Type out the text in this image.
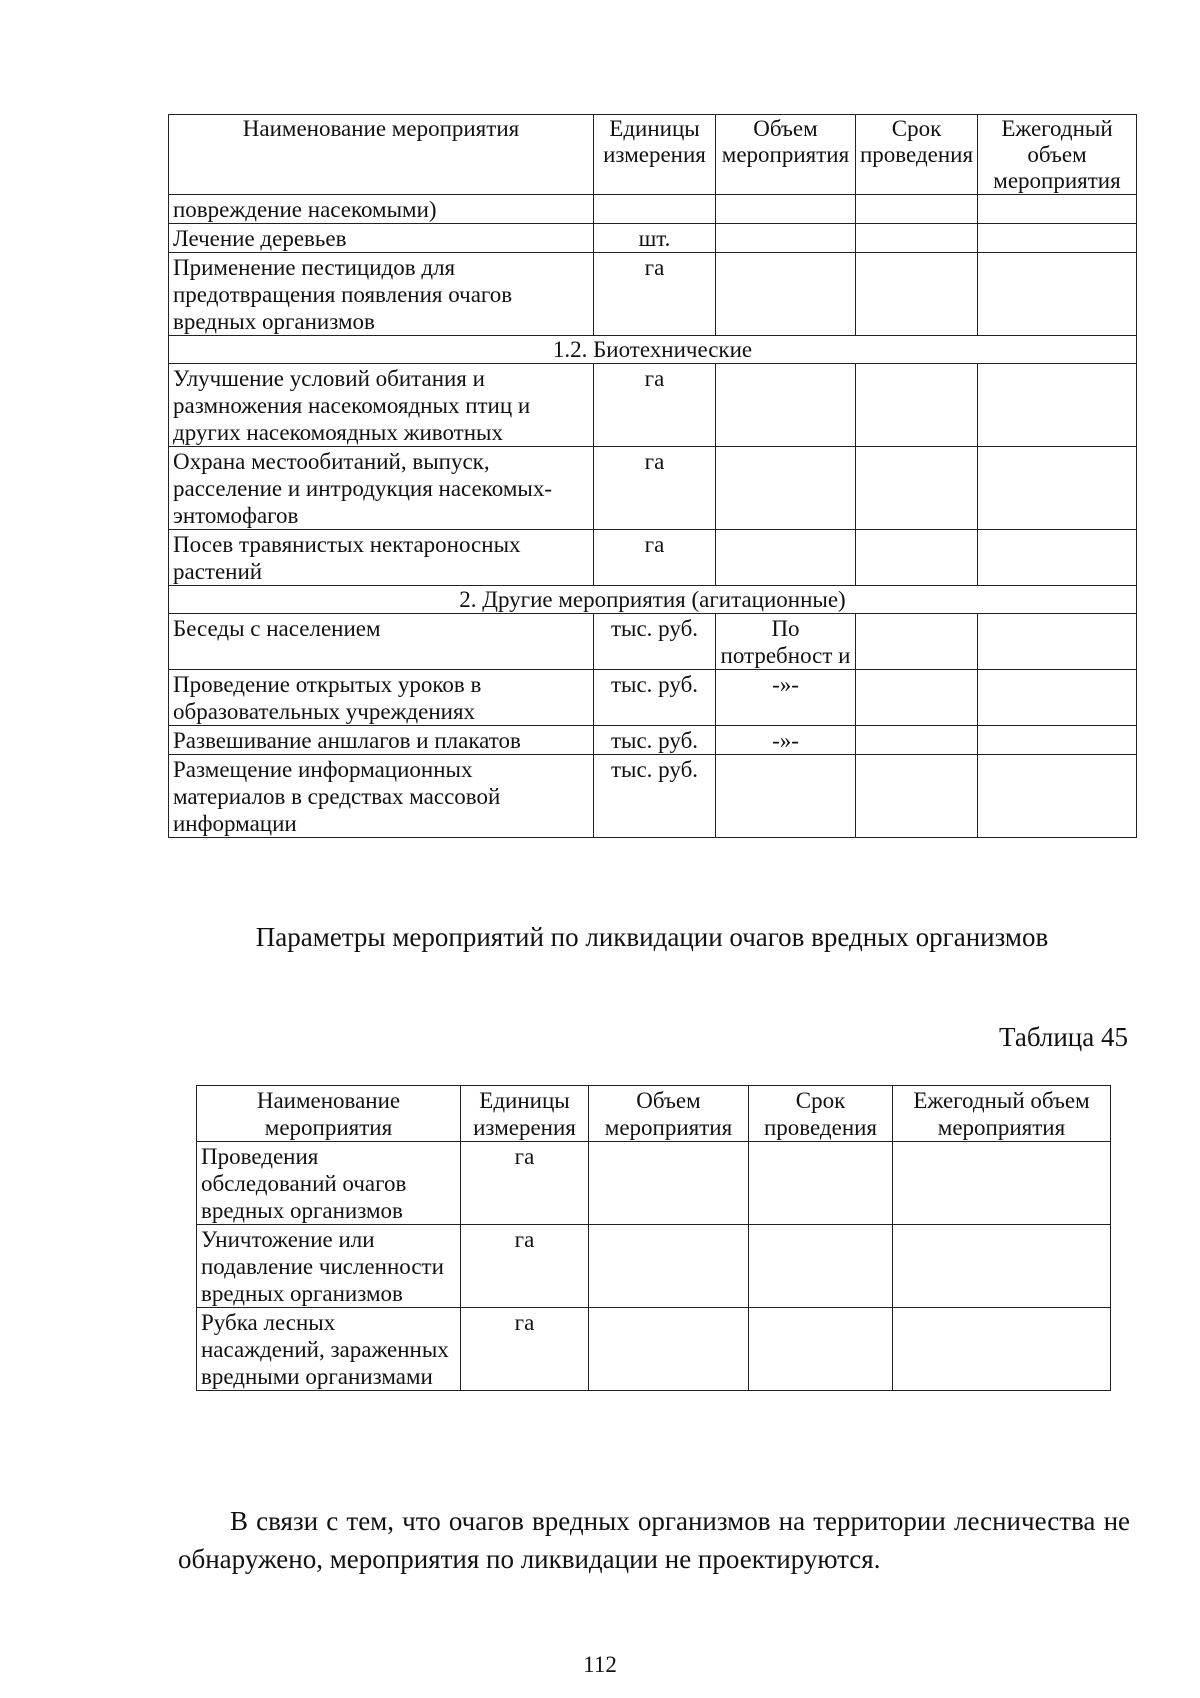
Наименование мероприятия	Единицы измерения	Объем мероприятия	Срок проведения	Ежегодный объем мероприятия
повреждение насекомыми)				
Лечение деревьев	шт.			
Применение пестицидов для предотвращения появления очагов вредных организмов	га			
1.2. Биотехнические				
Улучшение условий обитания и размножения насекомоядных птиц и других насекомоядных животных	га			
Охрана местообитаний, выпуск, расселение и интродукция насекомых-энтомофагов	га			
Посев травянистых нектароносных растений	га			
2. Другие мероприятия (агитационные)				
Беседы с населением	тыс. руб.	По потребност и		
Проведение открытых уроков в образовательных учреждениях	тыс. руб.	-»-		
Развешивание аншлагов и плакатов	тыс. руб.	-»-		
Размещение информационных материалов в средствах массовой информации	тыс. руб.			
Параметры мероприятий по ликвидации очагов вредных организмов
Таблица 45
Наименование мероприятия	Единицы измерения	Объем мероприятия	Срок проведения	Ежегодный объем мероприятия
Проведения обследований очагов вредных организмов	га			
Уничтожение или подавление численности вредных организмов	га			
Рубка лесных насаждений, зараженных вредными организмами	га			
В связи с тем, что очагов вредных организмов на территории лесничества не обнаружено, мероприятия по ликвидации не проектируются.
112
